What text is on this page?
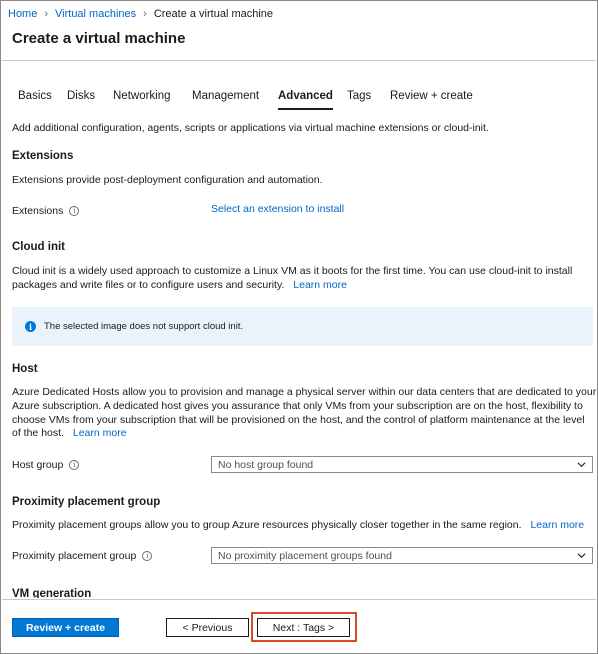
Home › Virtual machines › Create a virtual machine
Create a virtual machine
Basics Disks Networking Management Advanced Tags Review + create
Add additional configuration, agents, scripts or applications via virtual machine extensions or cloud-init.
Extensions
Extensions provide post-deployment configuration and automation.
Extensions	i	Select an extension to install
Cloud init
Cloud init is a widely used approach to customize a Linux VM as it boots for the first time. You can use cloud-init to install
packages and write files or to configure users and security. Learn more
i	The selected image does not support cloud init.
Host
Azure Dedicated Hosts allow you to provision and manage a physical server within our data centers that are dedicated to your
Azure subscription. A dedicated host gives you assurance that only VMs from your subscription are on the host, flexibility to
choose VMs from your subscription that will be provisioned on the host, and the control of platform maintenance at the level
of the host. Learn more
Host group	i	No host group found
Proximity placement group
Proximity placement groups allow you to group Azure resources physically closer together in the same region. Learn more
Proximity placement group	i	No proximity placement groups found
VM generation
Review + create	< Previous	Next : Tags >
